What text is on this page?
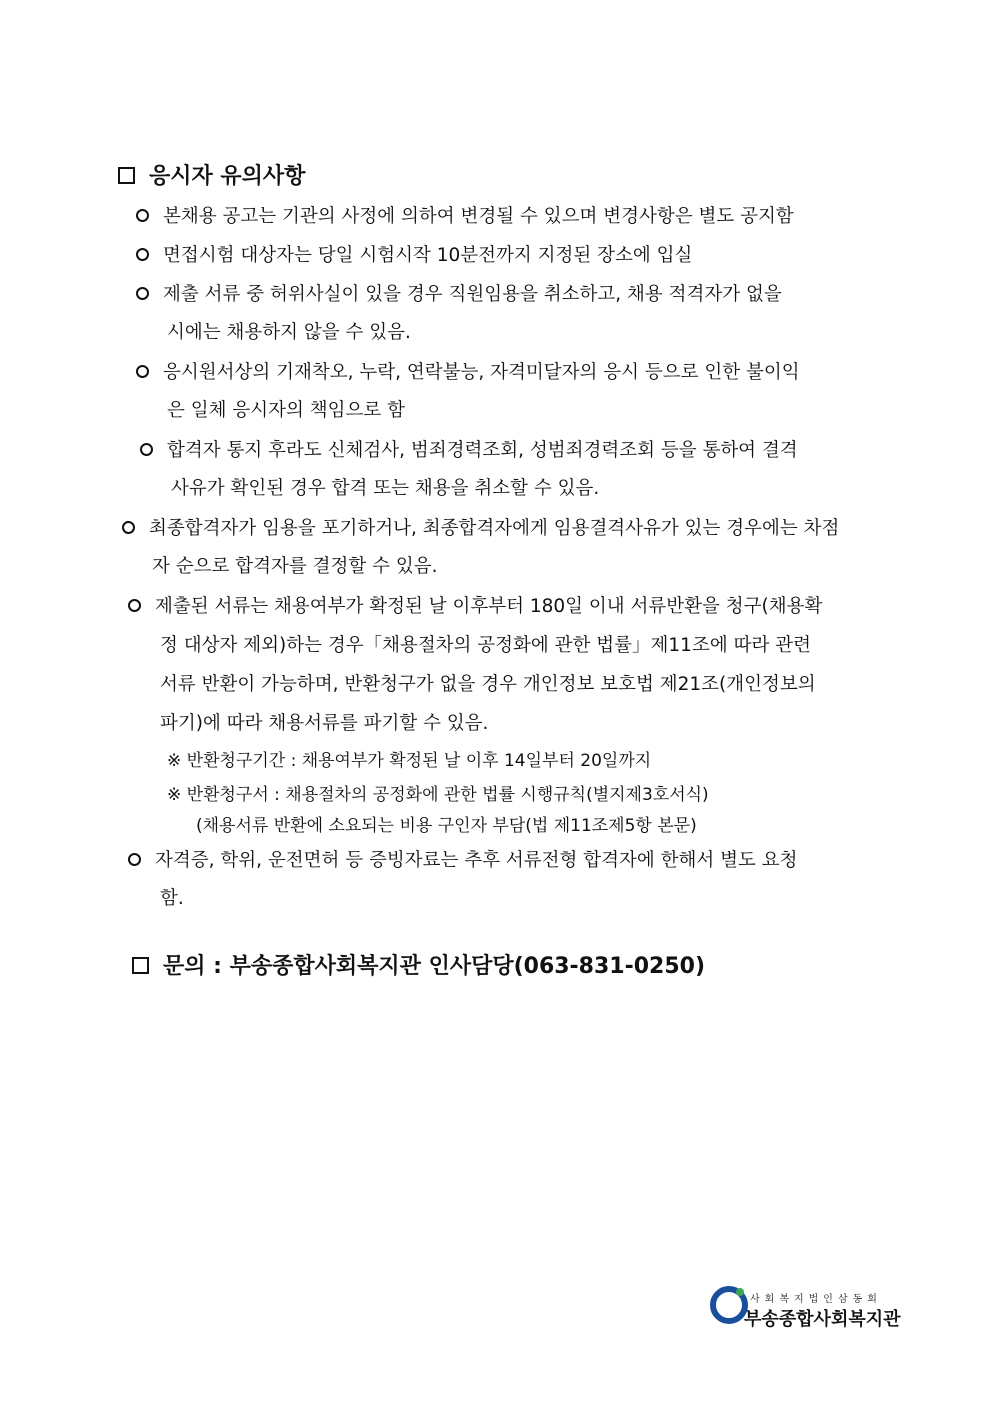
응시자 유의사항
본채용 공고는 기관의 사정에 의하여 변경될 수 있으며 변경사항은 별도 공지함
면접시험 대상자는 당일 시험시작 10분전까지 지정된 장소에 입실
제출 서류 중 허위사실이 있을 경우 직원임용을 취소하고, 채용 적격자가 없을
시에는 채용하지 않을 수 있음.
응시원서상의 기재착오, 누락, 연락불능, 자격미달자의 응시 등으로 인한 불이익
은 일체 응시자의 책임으로 함
합격자 통지 후라도 신체검사, 범죄경력조회, 성범죄경력조회 등을 통하여 결격
사유가 확인된 경우 합격 또는 채용을 취소할 수 있음.
최종합격자가 임용을 포기하거나, 최종합격자에게 임용결격사유가 있는 경우에는 차점
자 순으로 합격자를 결정할 수 있음.
제출된 서류는 채용여부가 확정된 날 이후부터 180일 이내 서류반환을 청구(채용확
정 대상자 제외)하는 경우「채용절차의 공정화에 관한 법률」제11조에 따라 관련
서류 반환이 가능하며, 반환청구가 없을 경우 개인정보 보호법 제21조(개인정보의
파기)에 따라 채용서류를 파기할 수 있음.
※ 반환청구기간 : 채용여부가 확정된 날 이후 14일부터 20일까지
※ 반환청구서 : 채용절차의 공정화에 관한 법률 시행규칙(별지제3호서식)
(채용서류 반환에 소요되는 비용 구인자 부담(법 제11조제5항 본문)
자격증, 학위, 운전면허 등 증빙자료는 추후 서류전형 합격자에 한해서 별도 요청
함.
문의 : 부송종합사회복지관 인사담당(063-831-0250)
사회복지법인삼동회
부송종합사회복지관
